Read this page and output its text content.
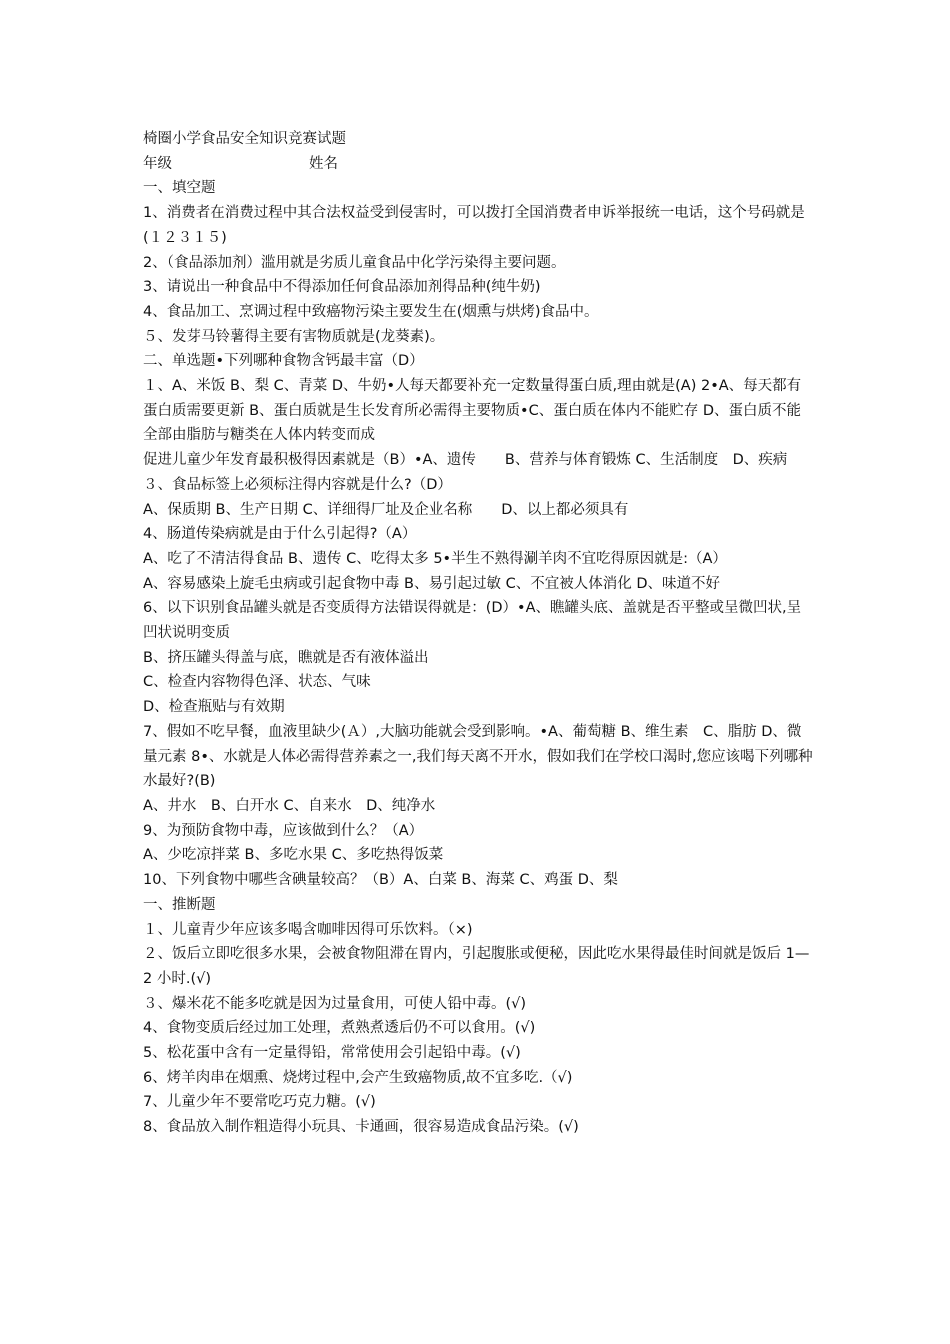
椅圈小学食品安全知识竞赛试题

年级	姓名

一、填空题

1、消费者在消费过程中其合法权益受到侵害时，可以拨打全国消费者申诉举报统一电话，这个号码就是(１２３１５)

2、（食品添加剂）滥用就是劣质儿童食品中化学污染得主要问题。

3、请说出一种食品中不得添加任何食品添加剂得品种(纯牛奶)

4、食品加工、烹调过程中致癌物污染主要发生在(烟熏与烘烤)食品中。

５、发芽马铃薯得主要有害物质就是(龙葵素)。

二、单选题•下列哪种食物含钙最丰富（D）

１、A、米饭 B、梨 C、青菜 D、牛奶•人每天都要补充一定数量得蛋白质,理由就是(A) 2•A、每天都有蛋白质需要更新 B、蛋白质就是生长发育所必需得主要物质•C、蛋白质在体内不能贮存 D、蛋白质不能全部由脂肪与糖类在人体内转变而成

促进儿童少年发育最积极得因素就是（B）•A、遗传　　B、营养与体育锻炼 C、生活制度　D、疾病

３、食品标签上必须标注得内容就是什么?（D）

A、保质期 B、生产日期 C、详细得厂址及企业名称　　D、以上都必须具有

4、肠道传染病就是由于什么引起得?（A）

A、吃了不清洁得食品 B、遗传 C、吃得太多 5•半生不熟得涮羊肉不宜吃得原因就是:（A）

A、容易感染上旋毛虫病或引起食物中毒 B、易引起过敏 C、不宜被人体消化 D、味道不好

6、以下识别食品罐头就是否变质得方法错误得就是：(D）•A、瞧罐头底、盖就是否平整或呈微凹状,呈凹状说明变质

B、挤压罐头得盖与底，瞧就是否有液体溢出

C、检查内容物得色泽、状态、气味

D、检查瓶贴与有效期

7、假如不吃早餐，血液里缺少(Ａ）,大脑功能就会受到影响。•A、葡萄糖 B、维生素　C、脂肪 D、微量元素 8•、水就是人体必需得营养素之一,我们每天离不开水，假如我们在学校口渴时,您应该喝下列哪种水最好?(B)

A、井水　B、白开水 C、自来水　D、纯净水

9、为预防食物中毒，应该做到什么？（A）

A、少吃凉拌菜 B、多吃水果 C、多吃热得饭菜

10、下列食物中哪些含碘量较高？（B）A、白菜 B、海菜 C、鸡蛋 D、梨

一、推断题

１、儿童青少年应该多喝含咖啡因得可乐饮料。（×)

２、饭后立即吃很多水果，会被食物阻滞在胃内，引起腹胀或便秘，因此吃水果得最佳时间就是饭后 1—2 小时.(√)

３、爆米花不能多吃就是因为过量食用，可使人铅中毒。(√)

4、食物变质后经过加工处理，煮熟煮透后仍不可以食用。(√)

5、松花蛋中含有一定量得铅，常常使用会引起铅中毒。(√)

6、烤羊肉串在烟熏、烧烤过程中,会产生致癌物质,故不宜多吃.（√)

7、儿童少年不要常吃巧克力糖。(√)

8、食品放入制作粗造得小玩具、卡通画，很容易造成食品污染。(√)
